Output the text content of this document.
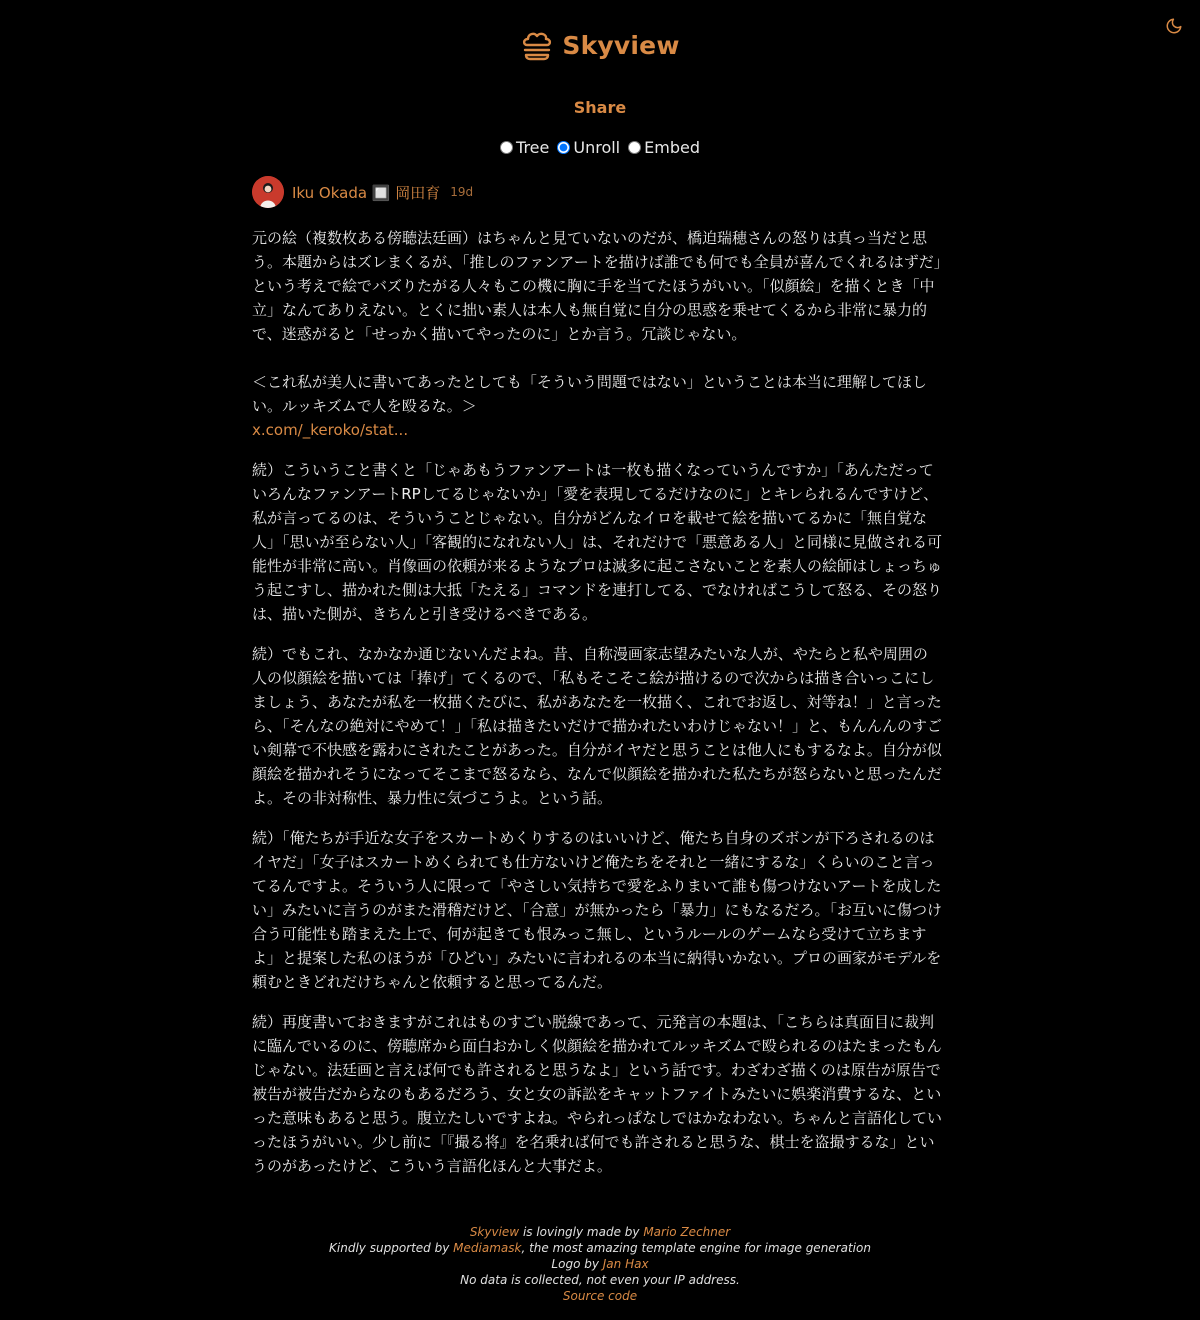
Skyview
Share
Tree Unroll Embed
Iku Okada 🔲 岡田育 19d
元の絵（複数枚ある傍聴法廷画）はちゃんと見ていないのだが、橋迫瑞穂さんの怒りは真っ当だと思う。本題からはズレまくるが、「推しのファンアートを描けば誰でも何でも全員が喜んでくれるはずだ」という考えで絵でバズりたがる人々もこの機に胸に手を当てたほうがいい。「似顔絵」を描くとき「中立」なんてありえない。とくに拙い素人は本人も無自覚に自分の思惑を乗せてくるから非常に暴力的で、迷惑がると「せっかく描いてやったのに」とか言う。冗談じゃない。

＜これ私が美人に書いてあったとしても「そういう問題ではない」ということは本当に理解してほしい。ルッキズムで人を殴るな。＞
x.com/_keroko/stat...
続）こういうこと書くと「じゃあもうファンアートは一枚も描くなっていうんですか」「あんただっていろんなファンアートRPしてるじゃないか」「愛を表現してるだけなのに」とキレられるんですけど、私が言ってるのは、そういうことじゃない。自分がどんなイロを載せて絵を描いてるかに「無自覚な人」「思いが至らない人」「客観的になれない人」は、それだけで「悪意ある人」と同様に見做される可能性が非常に高い。肖像画の依頼が来るようなプロは滅多に起こさないことを素人の絵師はしょっちゅう起こすし、描かれた側は大抵「たえる」コマンドを連打してる、でなければこうして怒る、その怒りは、描いた側が、きちんと引き受けるべきである。
続）でもこれ、なかなか通じないんだよね。昔、自称漫画家志望みたいな人が、やたらと私や周囲の人の似顔絵を描いては「捧げ」てくるので、「私もそこそこ絵が描けるので次からは描き合いっこにしましょう、あなたが私を一枚描くたびに、私があなたを一枚描く、これでお返し、対等ね！」と言ったら、「そんなの絶対にやめて！」「私は描きたいだけで描かれたいわけじゃない！」と、もんんんのすごい剣幕で不快感を露わにされたことがあった。自分がイヤだと思うことは他人にもするなよ。自分が似顔絵を描かれそうになってそこまで怒るなら、なんで似顔絵を描かれた私たちが怒らないと思ったんだよ。その非対称性、暴力性に気づこうよ。という話。
続）「俺たちが手近な女子をスカートめくりするのはいいけど、俺たち自身のズボンが下ろされるのはイヤだ」「女子はスカートめくられても仕方ないけど俺たちをそれと一緒にするな」くらいのこと言ってるんですよ。そういう人に限って「やさしい気持ちで愛をふりまいて誰も傷つけないアートを成したい」みたいに言うのがまた滑稽だけど、「合意」が無かったら「暴力」にもなるだろ。「お互いに傷つけ合う可能性も踏まえた上で、何が起きても恨みっこ無し、というルールのゲームなら受けて立ちますよ」と提案した私のほうが「ひどい」みたいに言われるの本当に納得いかない。プロの画家がモデルを頼むときどれだけちゃんと依頼すると思ってるんだ。
続）再度書いておきますがこれはものすごい脱線であって、元発言の本題は、「こちらは真面目に裁判に臨んでいるのに、傍聴席から面白おかしく似顔絵を描かれてルッキズムで殴られるのはたまったもんじゃない。法廷画と言えば何でも許されると思うなよ」という話です。わざわざ描くのは原告が原告で被告が被告だからなのもあるだろう、女と女の訴訟をキャットファイトみたいに娯楽消費するな、といった意味もあると思う。腹立たしいですよね。やられっぱなしではかなわない。ちゃんと言語化していったほうがいい。少し前に「『撮る将』を名乗れば何でも許されると思うな、棋士を盗撮するな」というのがあったけど、こういう言語化ほんと大事だよ。
Skyview is lovingly made by Mario Zechner
Kindly supported by Mediamask, the most amazing template engine for image generation
Logo by Jan Hax
No data is collected, not even your IP address.
Source code
